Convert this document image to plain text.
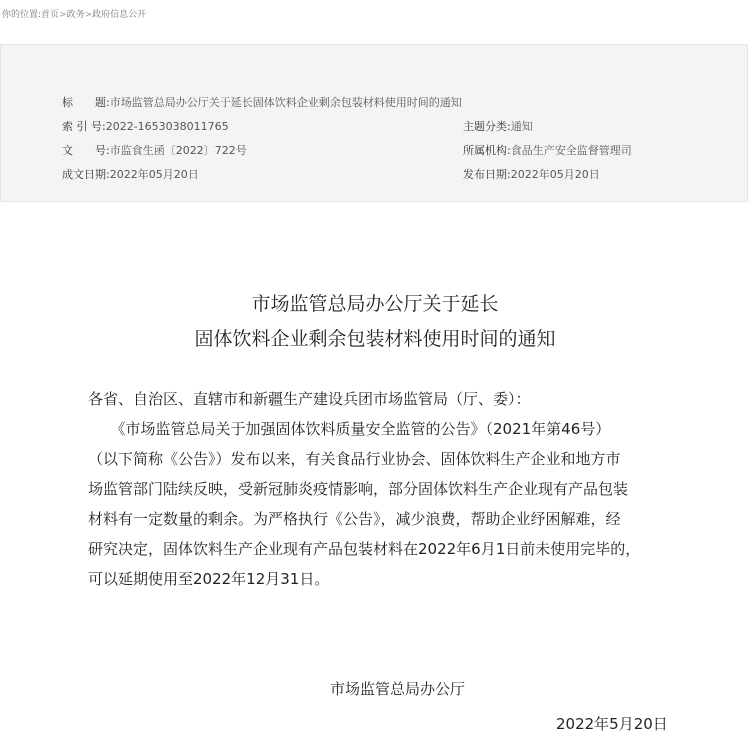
你的位置:首页>政务>政府信息公开
标　　题:市场监管总局办公厅关于延长固体饮料企业剩余包装材料使用时间的通知
索 引 号:2022-1653038011765	主题分类:通知
文　　号:市监食生函〔2022〕722号	所属机构:食品生产安全监督管理司
成文日期:2022年05月20日	发布日期:2022年05月20日
市场监管总局办公厅关于延长
固体饮料企业剩余包装材料使用时间的通知
各省、自治区、直辖市和新疆生产建设兵团市场监管局（厅、委）：
　　《市场监管总局关于加强固体饮料质量安全监管的公告》（2021年第46号）
（以下简称《公告》）发布以来，有关食品行业协会、固体饮料生产企业和地方市
场监管部门陆续反映，受新冠肺炎疫情影响，部分固体饮料生产企业现有产品包装
材料有一定数量的剩余。为严格执行《公告》，减少浪费，帮助企业纾困解难，经
研究决定，固体饮料生产企业现有产品包装材料在2022年6月1日前未使用完毕的，
可以延期使用至2022年12月31日。
市场监管总局办公厅
2022年5月20日
